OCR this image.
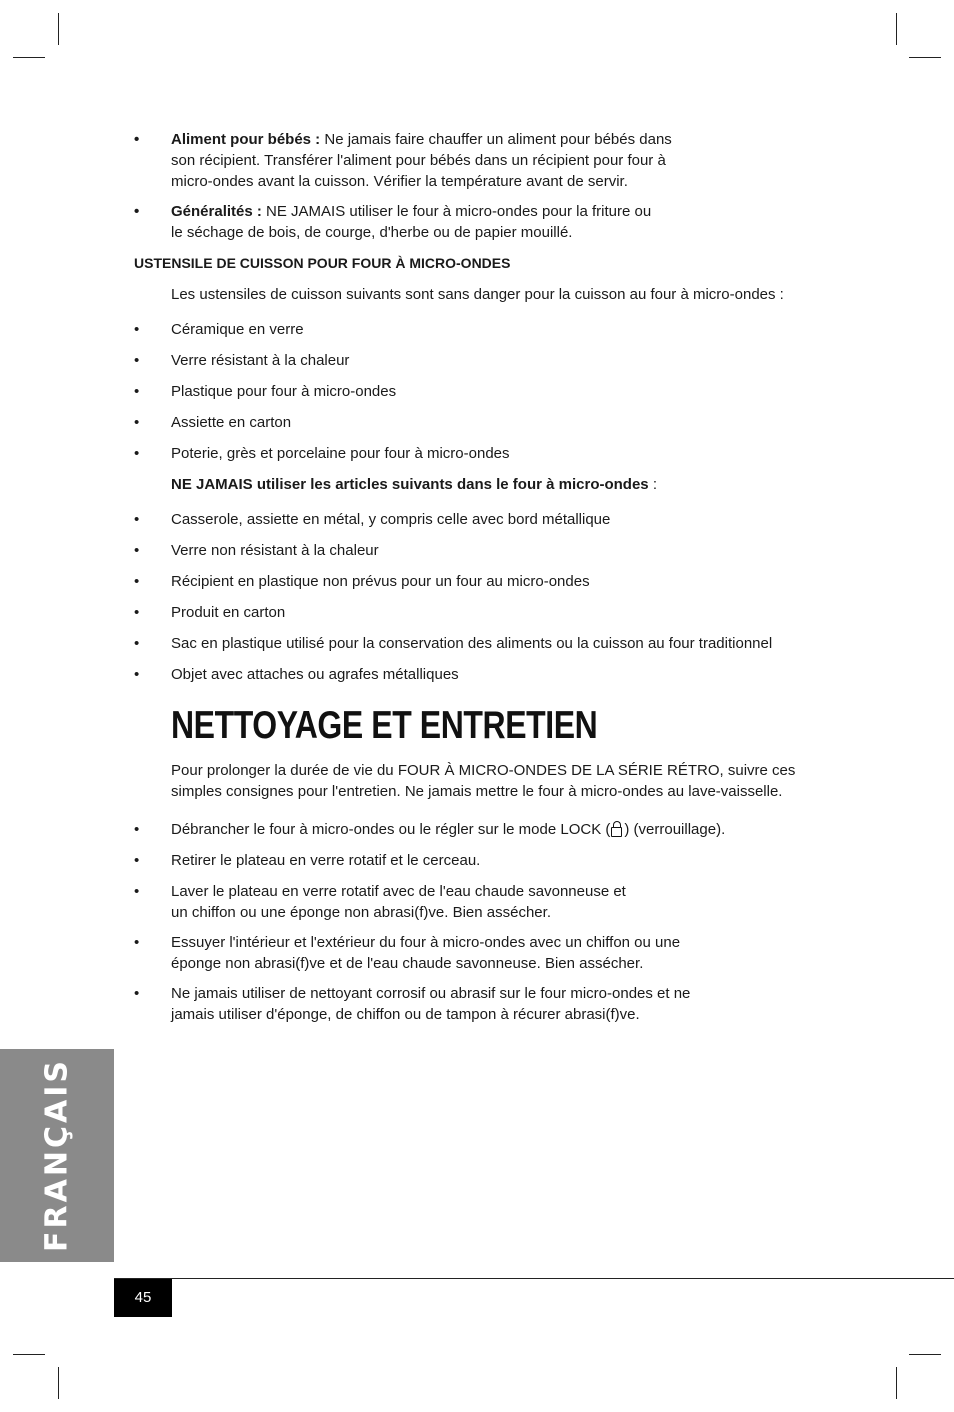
•	Aliment pour bébés : Ne jamais faire chauffer un aliment pour bébés dans
son récipient. Transférer l'aliment pour bébés dans un récipient pour four à
micro-ondes avant la cuisson. Vérifier la température avant de servir.
•	Généralités : NE JAMAIS utiliser le four à micro-ondes pour la friture ou
le séchage de bois, de courge, d'herbe ou de papier mouillé.
USTENSILE DE CUISSON POUR FOUR À MICRO-ONDES
Les ustensiles de cuisson suivants sont sans danger pour la cuisson au four à micro-ondes :
•	Céramique en verre
•	Verre résistant à la chaleur
•	Plastique pour four à micro-ondes
•	Assiette en carton
•	Poterie, grès et porcelaine pour four à micro-ondes
NE JAMAIS utiliser les articles suivants dans le four à micro-ondes :
•	Casserole, assiette en métal, y compris celle avec bord métallique
•	Verre non résistant à la chaleur
•	Récipient en plastique non prévus pour un four au micro-ondes
•	Produit en carton
•	Sac en plastique utilisé pour la conservation des aliments ou la cuisson au four traditionnel
•	Objet avec attaches ou agrafes métalliques
NETTOYAGE ET ENTRETIEN
Pour prolonger la durée de vie du FOUR À MICRO-ONDES DE LA SÉRIE RÉTRO, suivre ces
simples consignes pour l'entretien. Ne jamais mettre le four à micro-ondes au lave-vaisselle.
•	Débrancher le four à micro-ondes ou le régler sur le mode LOCK ( ) (verrouillage).
•	Retirer le plateau en verre rotatif et le cerceau.
•	Laver le plateau en verre rotatif avec de l'eau chaude savonneuse et
un chiffon ou une éponge non abrasi(f)ve. Bien assécher.
•	Essuyer l'intérieur et l'extérieur du four à micro-ondes avec un chiffon ou une
éponge non abrasi(f)ve et de l'eau chaude savonneuse. Bien assécher.
•	Ne jamais utiliser de nettoyant corrosif ou abrasif sur le four micro-ondes et ne
jamais utiliser d'éponge, de chiffon ou de tampon à récurer abrasi(f)ve.
FRANÇAIS
45
